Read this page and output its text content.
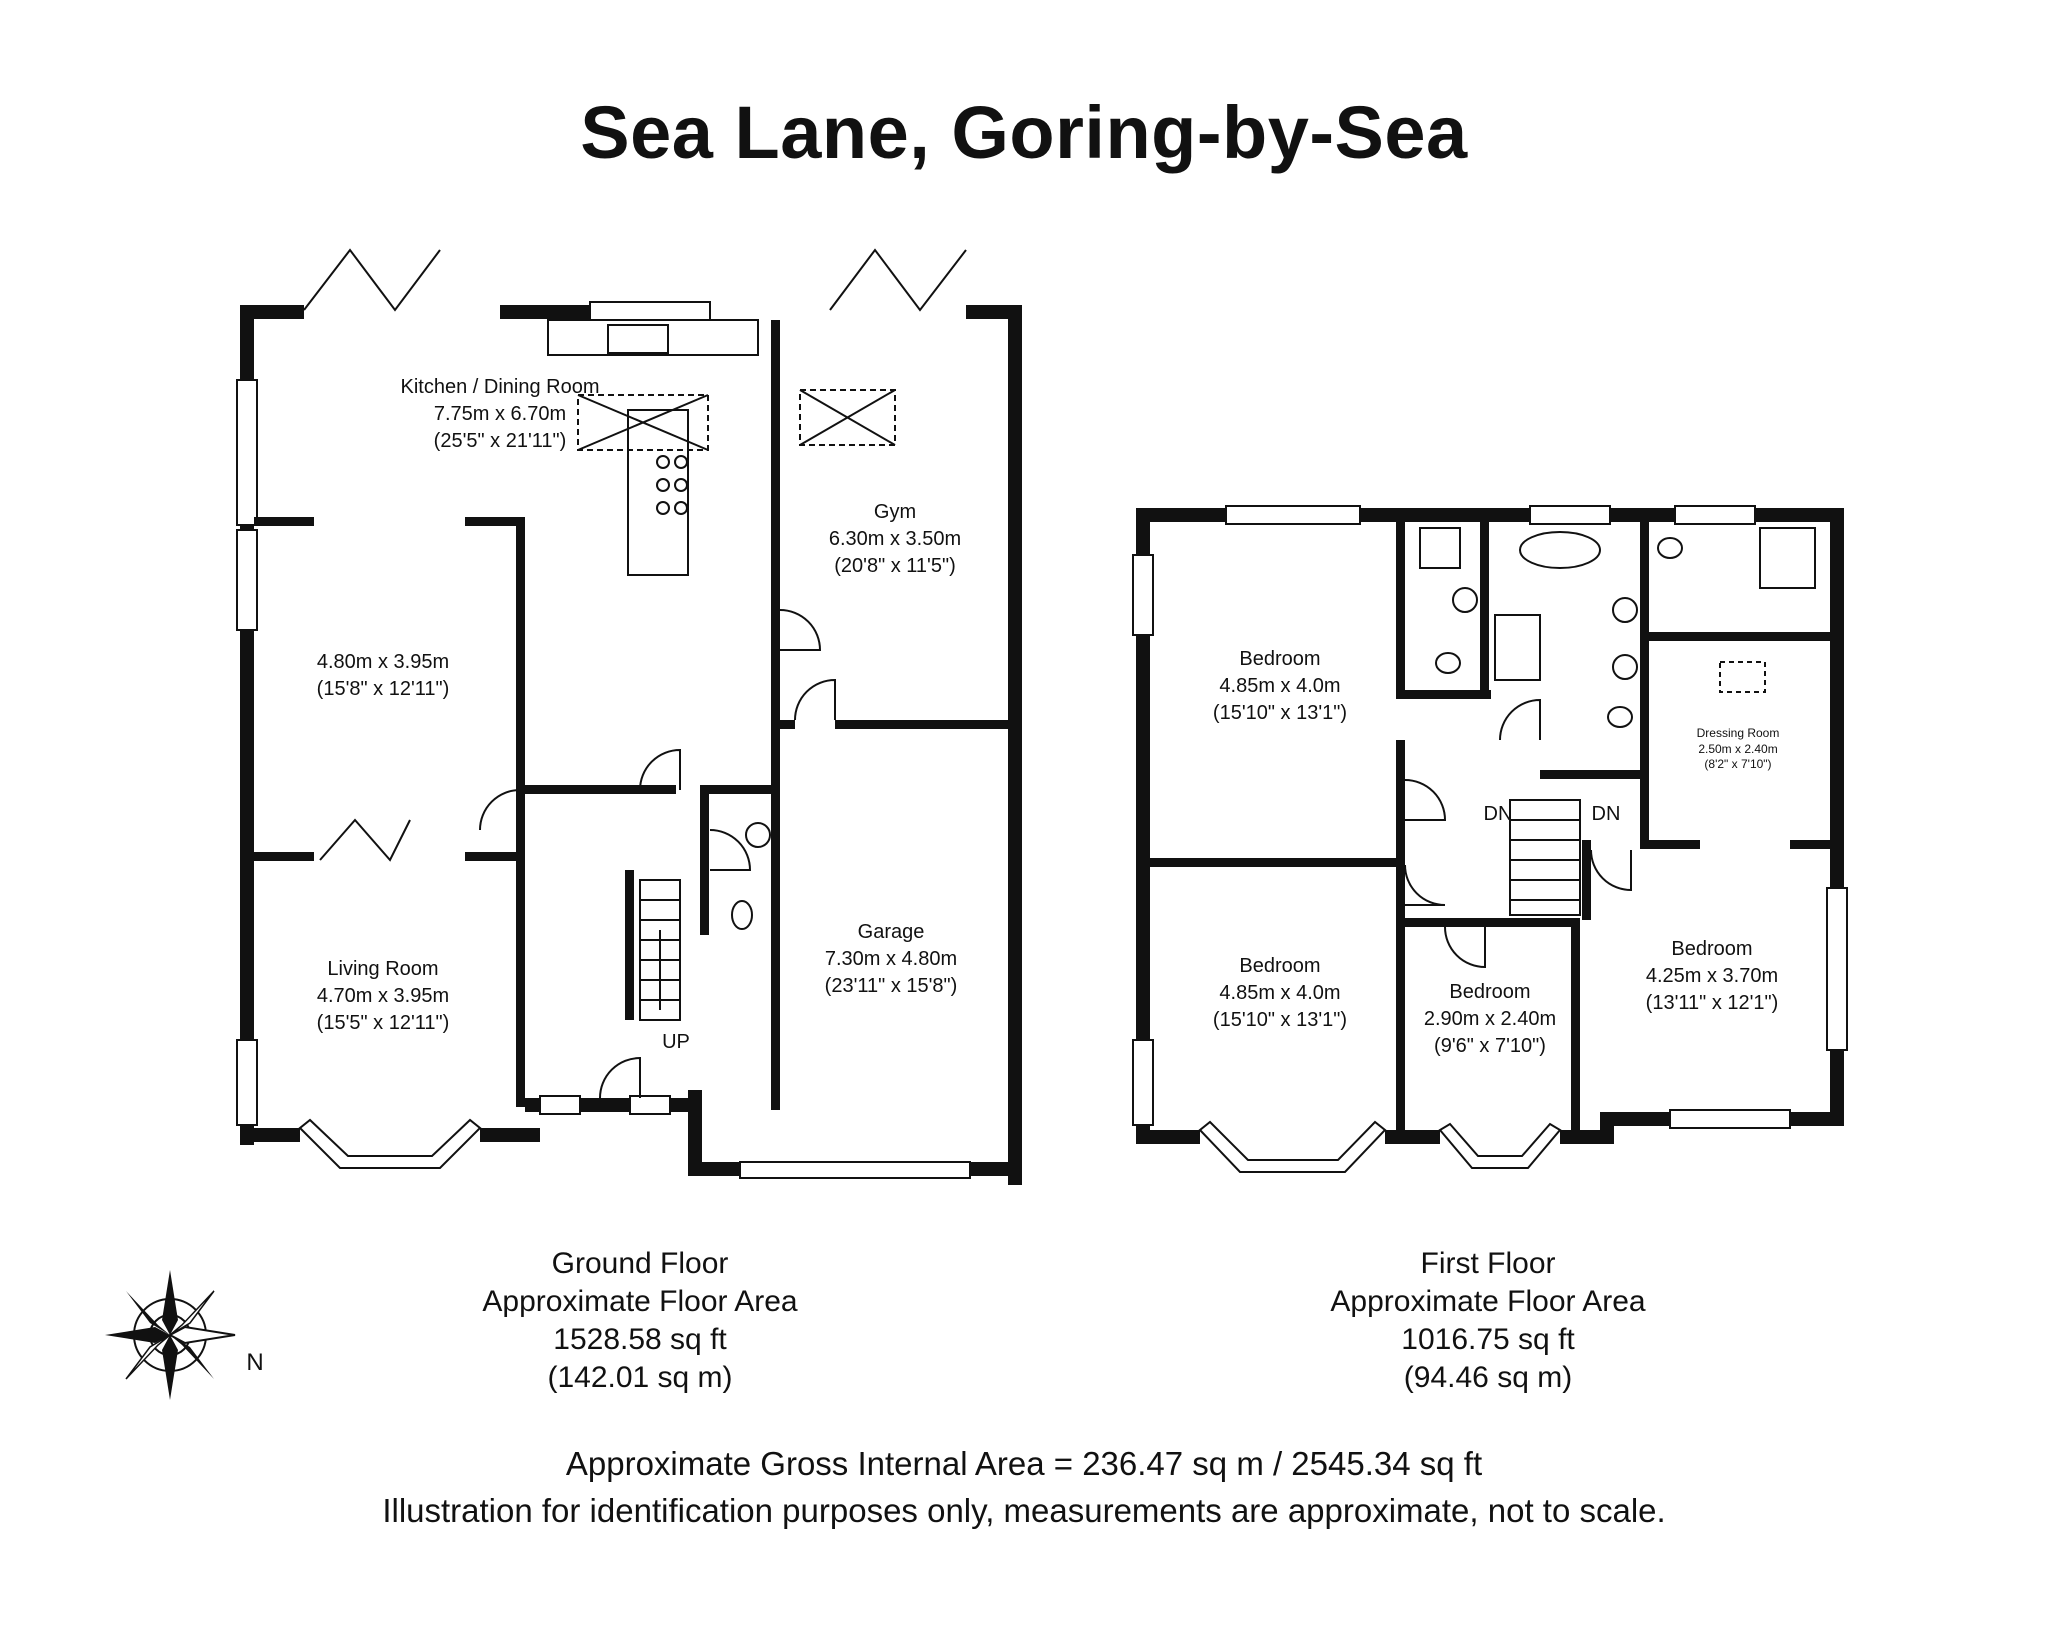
Sea Lane, Goring-by-Sea
Kitchen / Dining Room
7.75m x 6.70m
(25'5" x 21'11")
Gym
6.30m x 3.50m
(20'8" x 11'5")
4.80m x 3.95m
(15'8" x 12'11")
Living Room
4.70m x 3.95m
(15'5" x 12'11")
Garage
7.30m x 4.80m
(23'11" x 15'8")
UP
Bedroom
4.85m x 4.0m
(15'10" x 13'1")
Bedroom
4.85m x 4.0m
(15'10" x 13'1")
Bedroom
2.90m x 2.40m
(9'6" x 7'10")
Bedroom
4.25m x 3.70m
(13'11" x 12'1")
Dressing Room
2.50m x 2.40m
(8'2" x 7'10")
DN	DN
N
Ground Floor
Approximate Floor Area
1528.58 sq ft
(142.01 sq m)
First Floor
Approximate Floor Area
1016.75 sq ft
(94.46 sq m)
Approximate Gross Internal Area = 236.47 sq m / 2545.34 sq ft
Illustration for identification purposes only, measurements are approximate, not to scale.
